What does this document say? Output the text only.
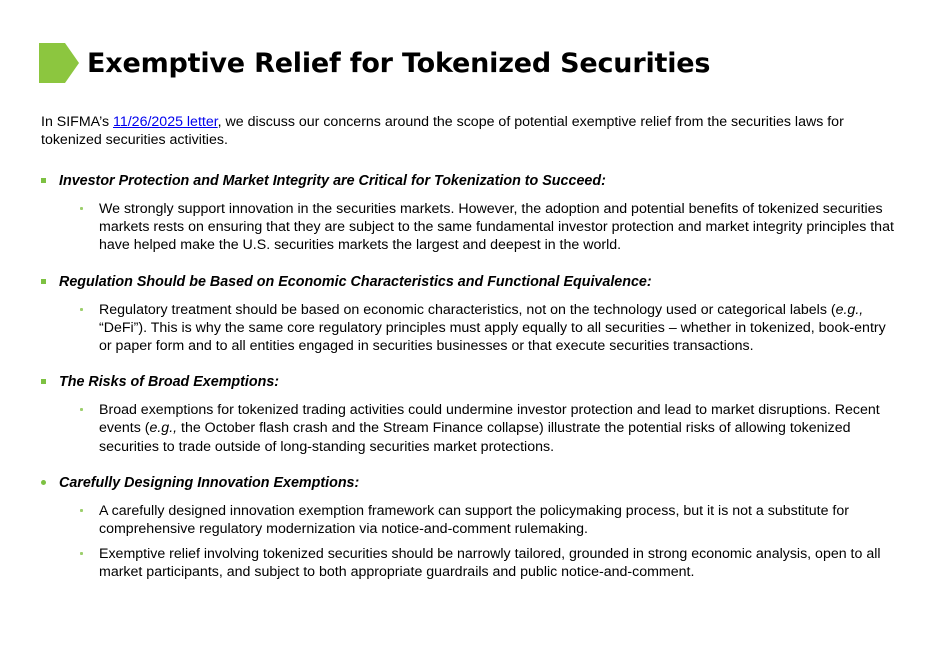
Exemptive Relief for Tokenized Securities
In SIFMA’s 11/26/2025 letter, we discuss our concerns around the scope of potential exemptive relief from the securities laws for tokenized securities activities.
Investor Protection and Market Integrity are Critical for Tokenization to Succeed:
We strongly support innovation in the securities markets. However, the adoption and potential benefits of tokenized securities markets rests on ensuring that they are subject to the same fundamental investor protection and market integrity principles that have helped make the U.S. securities markets the largest and deepest in the world.
Regulation Should be Based on Economic Characteristics and Functional Equivalence:
Regulatory treatment should be based on economic characteristics, not on the technology used or categorical labels (e.g., “DeFi”). This is why the same core regulatory principles must apply equally to all securities – whether in tokenized, book-entry or paper form and to all entities engaged in securities businesses or that execute securities transactions.
The Risks of Broad Exemptions:
Broad exemptions for tokenized trading activities could undermine investor protection and lead to market disruptions. Recent events (e.g., the October flash crash and the Stream Finance collapse) illustrate the potential risks of allowing tokenized securities to trade outside of long-standing securities market protections.
Carefully Designing Innovation Exemptions:
A carefully designed innovation exemption framework can support the policymaking process, but it is not a substitute for comprehensive regulatory modernization via notice-and-comment rulemaking.
Exemptive relief involving tokenized securities should be narrowly tailored, grounded in strong economic analysis, open to all market participants, and subject to both appropriate guardrails and public notice-and-comment.
